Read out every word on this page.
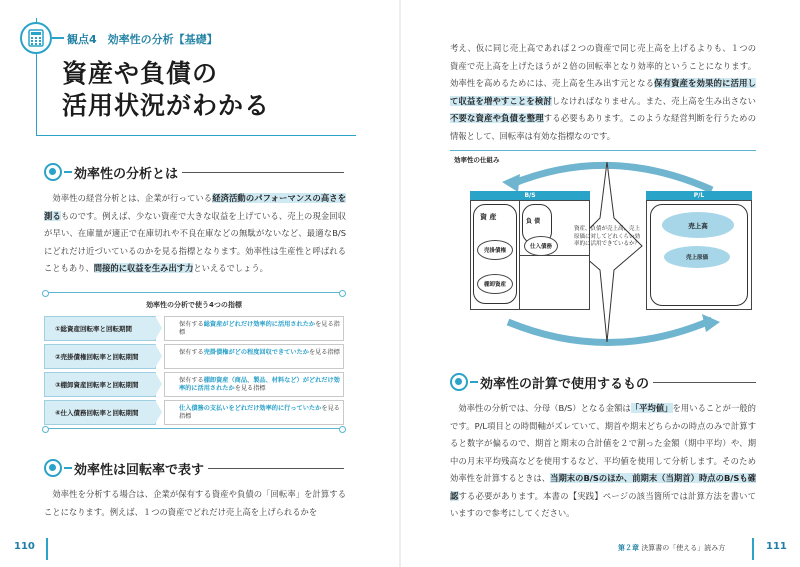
観点4　効率性の分析【基礎】
資産や負債の
活用状況がわかる
効率性の分析とは
　効率性の経営分析とは、企業が行っている経済活動のパフォーマンスの高さを測るものです。例えば、少ない資産で大きな収益を上げている、売上の現金回収が早い、在庫量が適正で在庫切れや不良在庫などの無駄がないなど、最適なB/Sにどれだけ近づいているのかを見る指標となります。効率性は生産性と呼ばれることもあり、間接的に収益を生み出す力といえるでしょう。
効率性の分析で使う4つの指標
①総資産回転率と回転期間
保有する総資産がどれだけ効率的に活用されたかを見る指標
②売掛債権回転率と回転期間
保有する売掛債権がどの程度回収できていたかを見る指標
③棚卸資産回転率と回転期間
保有する棚卸資産（商品、製品、材料など）がどれだけ効率的に活用されたかを見る指標
④仕入債務回転率と回転期間
仕入債務の支払いをどれだけ効率的に行っていたかを見る指標
効率性は回転率で表す
　効率性を分析する場合は、企業が保有する資産や負債の「回転率」を計算することになります。例えば、１つの資産でどれだけ売上高を上げられるかを
110
考え、仮に同じ売上高であれば２つの資産で同じ売上高を上げるよりも、１つの資産で売上高を上げたほうが２倍の回転率となり効率的ということになります。効率性を高めるためには、売上高を生み出す元となる保有資産を効果的に活用して収益を増やすことを検討しなければなりません。また、売上高を生み出さない不要な資産や負債を整理する必要もあります。このような経営判断を行うための情報として、回転率は有効な指標なのです。
効率性の仕組み
B/S	P/L
資 産
負 債
売掛債権
仕入債務
棚卸資産
資産、負債が売上高、売上原価に対してどれくらい効率的に活用できているか？
売上高
売上原価
効率性の計算で使用するもの
　効率性の分析では、分母（B/S）となる金額は「平均値」を用いることが一般的です。P/L項目との時間軸がズレていて、期首や期末どちらかの時点のみで計算すると数字が偏るので、期首と期末の合計値を２で割った金額（期中平均）や、期中の月末平均残高などを使用するなど、平均値を使用して分析します。そのため効率性を計算するときは、当期末のB/Sのほか、前期末（当期首）時点のB/Sも確認する必要があります。本書の【実践】ページの該当箇所では計算方法を書いていますので参考にしてください。
第２章 決算書の「使える」読み方	111
